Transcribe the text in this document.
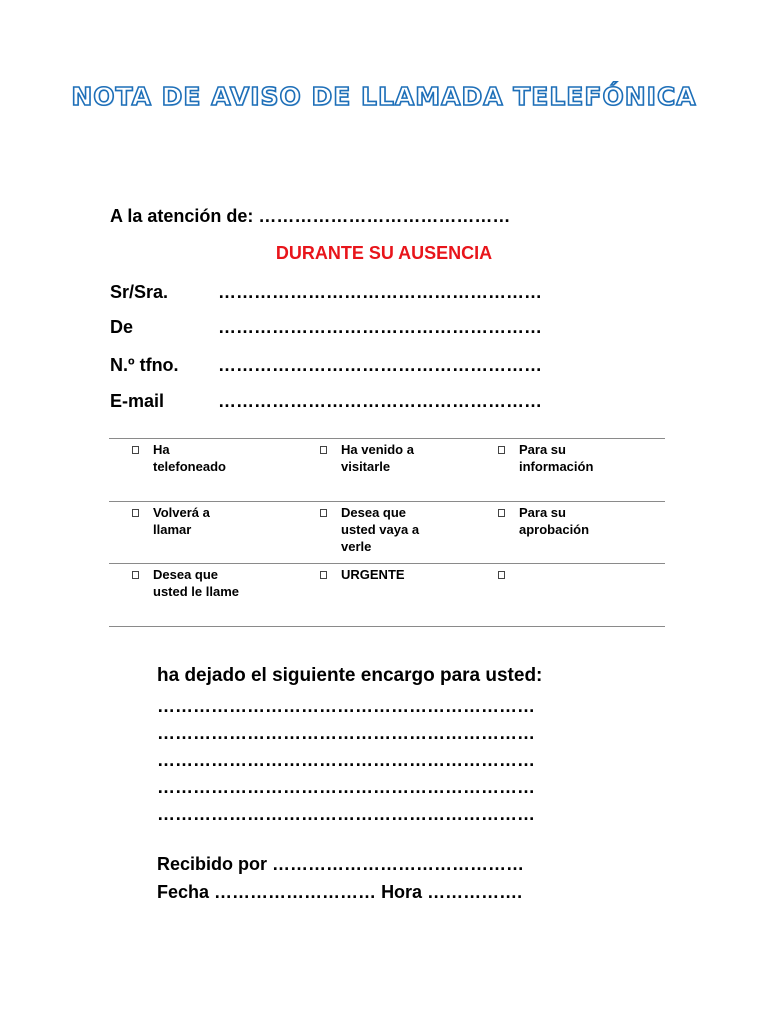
NOTA DE AVISO DE LLAMADA TELEFÓNICA
A la atención de: ……………………………………
DURANTE SU AUSENCIA
Sr/Sra.	………………………………………………
De	………………………………………………
N.º tfno. ………………………………………………
E-mail	………………………………………………
Ha telefoneado	Ha venido a visitarle	Para su información

Volverá a llamar	Desea que usted vaya a verle	Para su aprobación

Desea que usted le llame	URGENTE	

ha dejado el siguiente encargo para usted:
………………………………………………………
………………………………………………………
………………………………………………………
………………………………………………………
………………………………………………………
Recibido por ……………………………………
Fecha ……………………… Hora …………….
